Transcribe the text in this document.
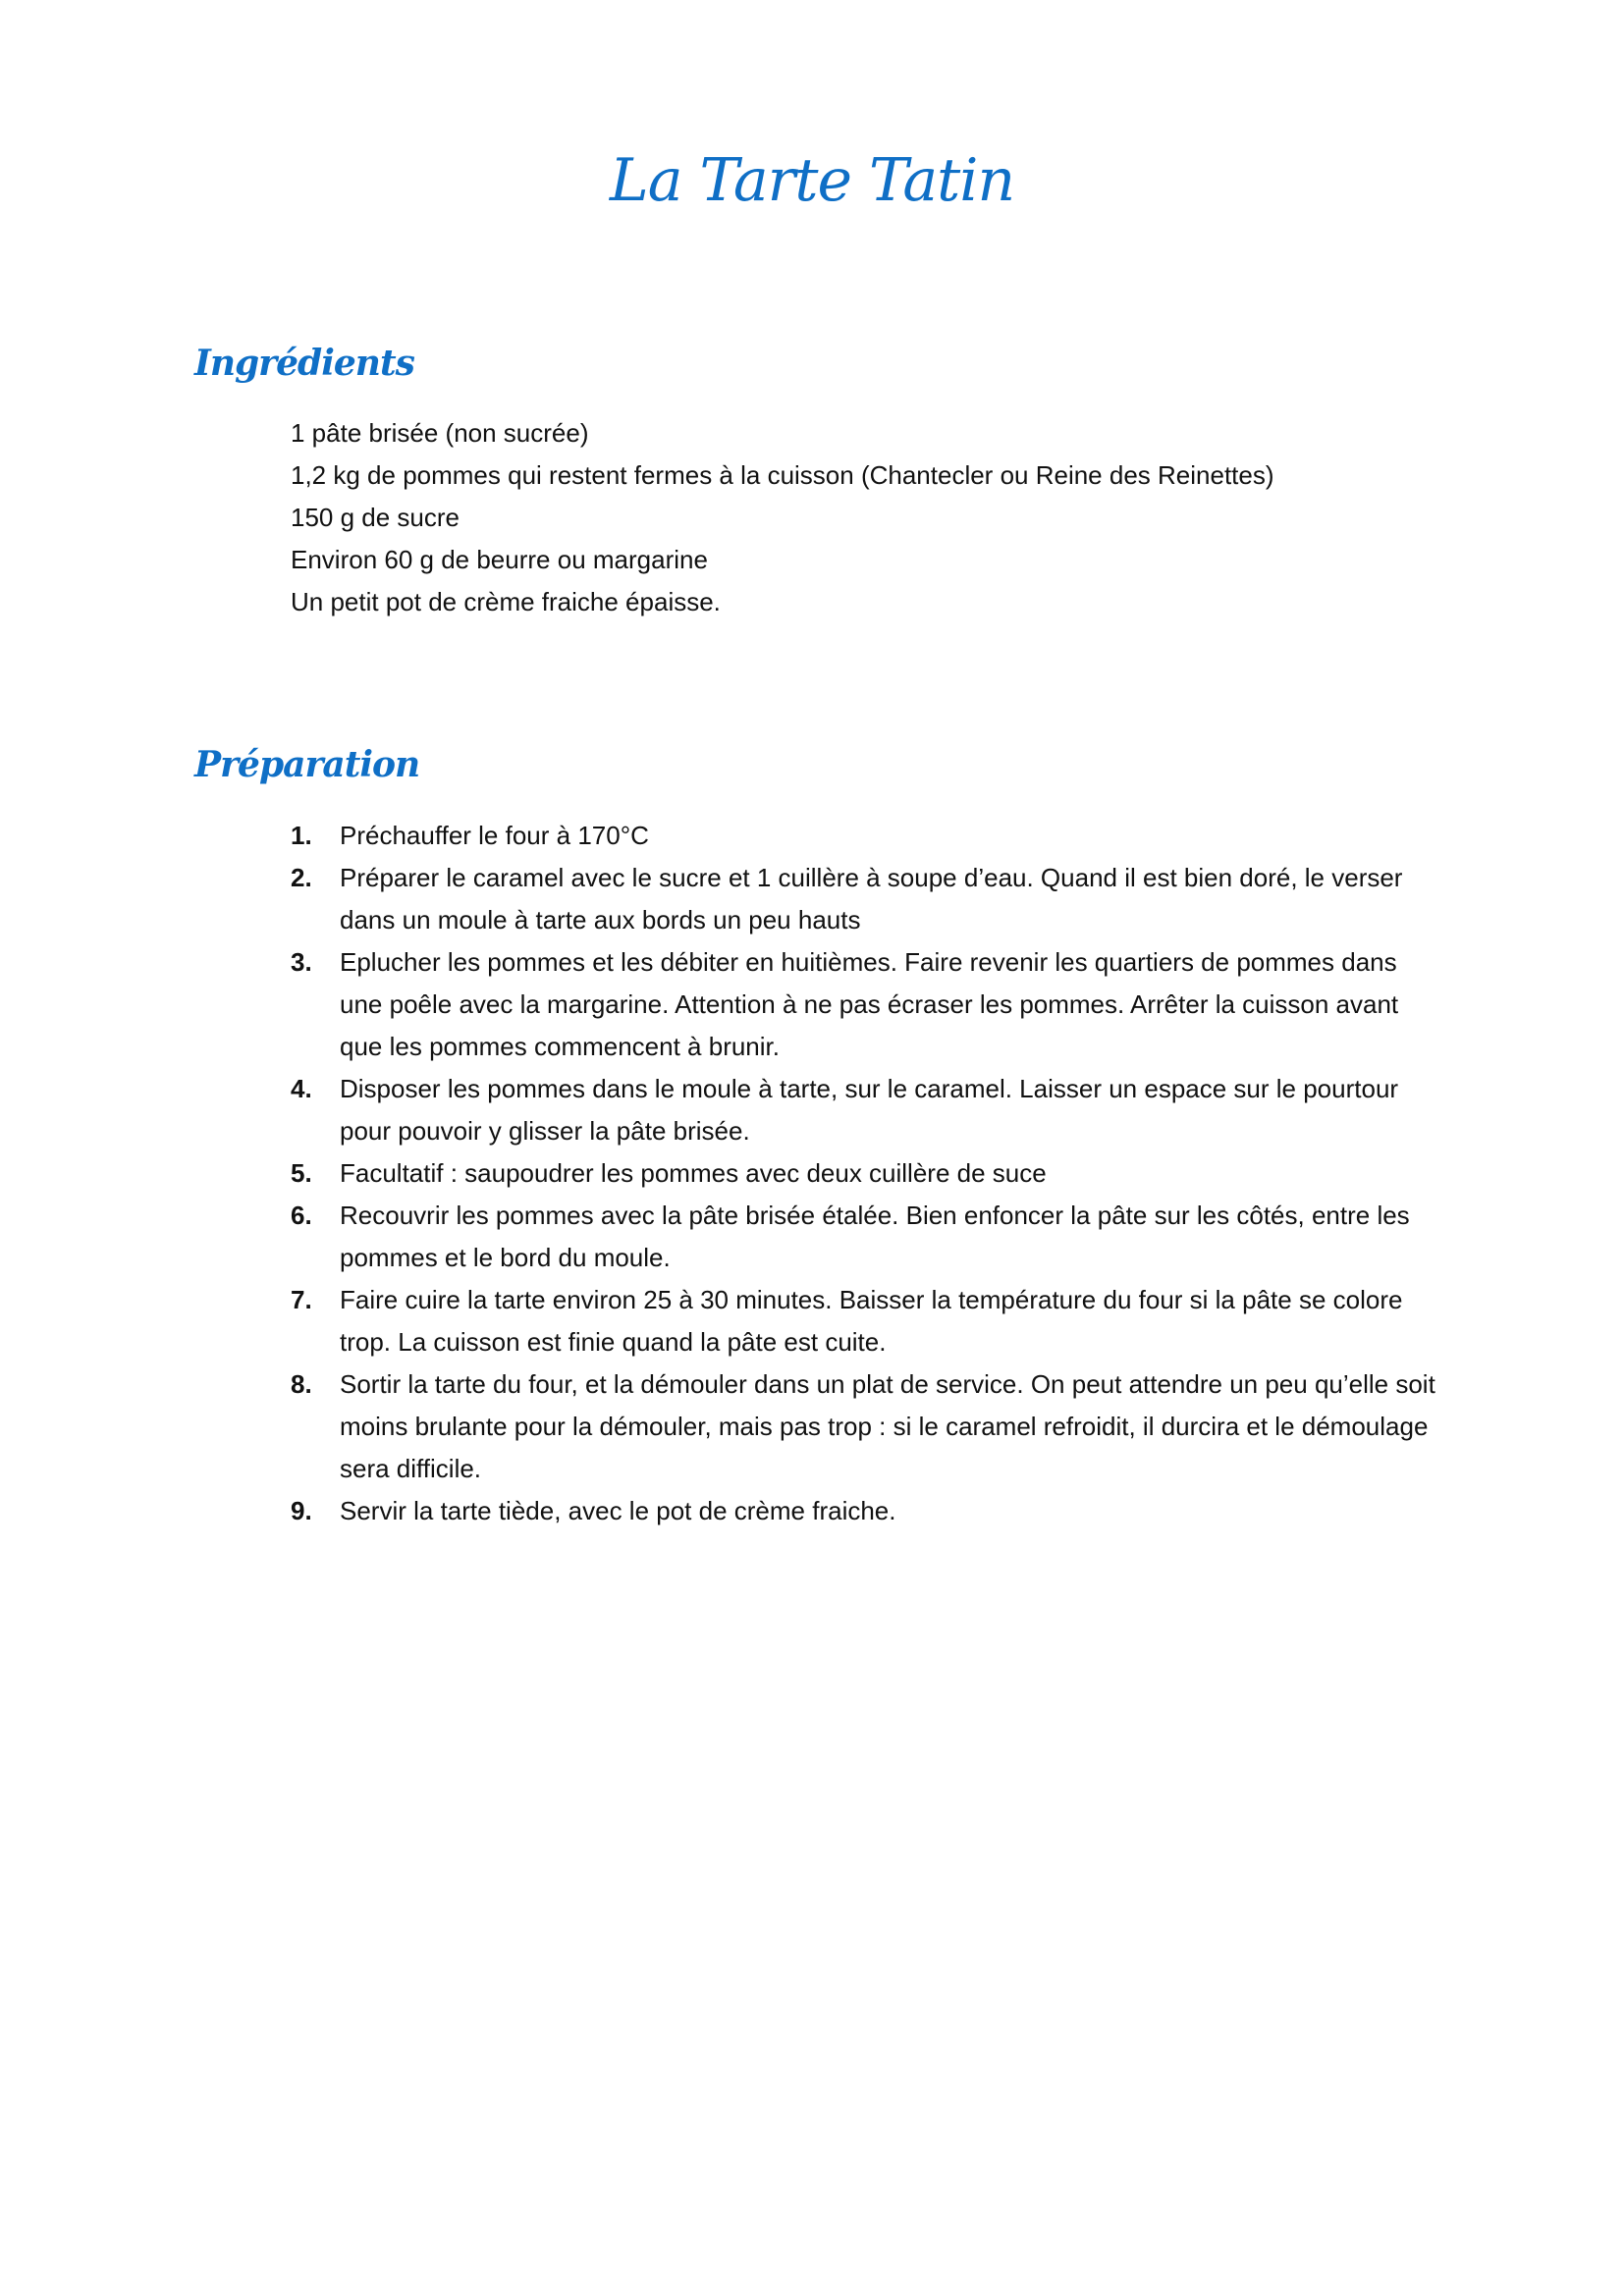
La Tarte Tatin
Ingrédients
1 pâte brisée (non sucrée)
1,2 kg de pommes qui restent fermes à la cuisson (Chantecler ou Reine des Reinettes)
150 g de sucre
Environ 60 g de beurre ou margarine
Un petit pot de crème fraiche épaisse.
Préparation
1. Préchauffer le four à 170°C
2. Préparer le caramel avec le sucre et 1 cuillère à soupe d’eau. Quand il est bien doré, le verser dans un moule à tarte aux bords un peu hauts
3. Eplucher les pommes et les débiter en huitièmes. Faire revenir les quartiers de pommes dans une poêle avec la margarine. Attention à ne pas écraser les pommes. Arrêter la cuisson avant que les pommes commencent à brunir.
4. Disposer les pommes dans le moule à tarte, sur le caramel. Laisser un espace sur le pourtour pour pouvoir y glisser la pâte brisée.
5. Facultatif : saupoudrer les pommes avec deux cuillère de suce
6. Recouvrir les pommes avec la pâte brisée étalée. Bien enfoncer la pâte sur les côtés, entre les pommes et le bord du moule.
7. Faire cuire la tarte environ 25 à 30 minutes. Baisser la température du four si la pâte se colore trop. La cuisson est finie quand la pâte est cuite.
8. Sortir la tarte du four, et la démouler dans un plat de service. On peut attendre un peu qu’elle soit moins brulante pour la démouler, mais pas trop : si le caramel refroidit, il durcira et le démoulage sera difficile.
9. Servir la tarte tiède, avec le pot de crème fraiche.
